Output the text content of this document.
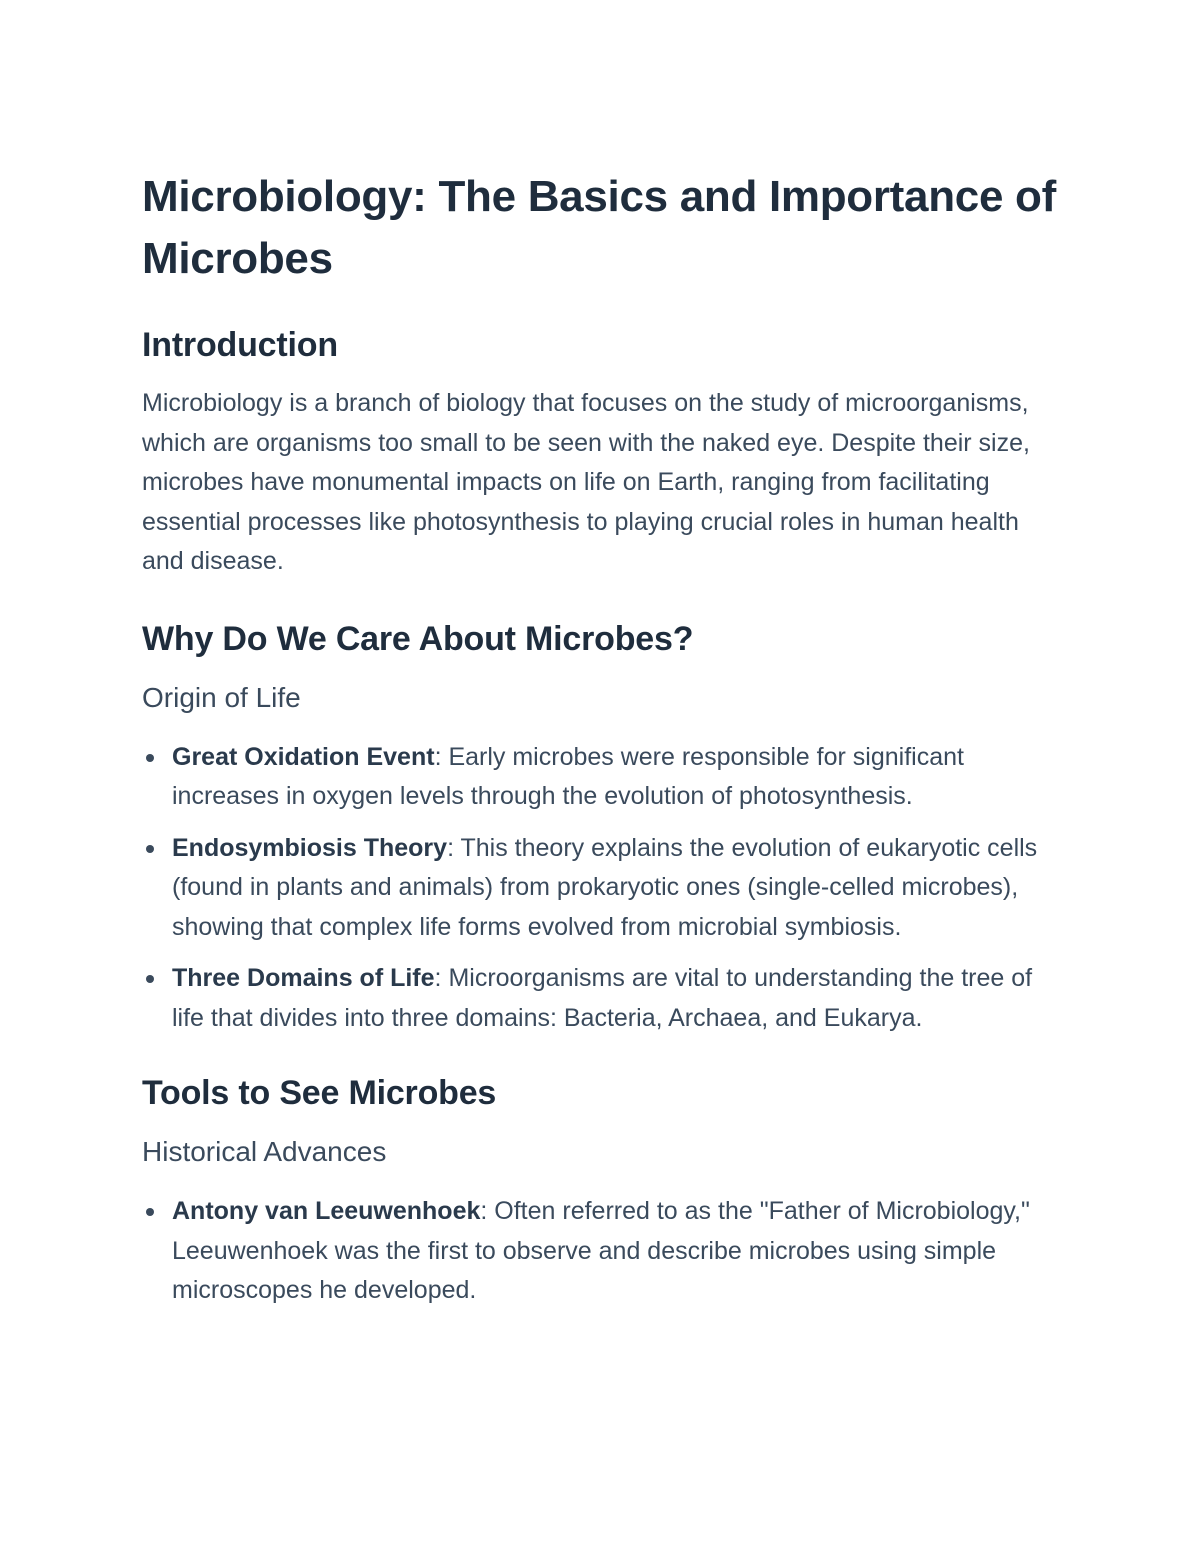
Microbiology: The Basics and Importance of Microbes
Introduction

Microbiology is a branch of biology that focuses on the study of microorganisms, which are organisms too small to be seen with the naked eye. Despite their size, microbes have monumental impacts on life on Earth, ranging from facilitating essential processes like photosynthesis to playing crucial roles in human health and disease.

Why Do We Care About Microbes?
Origin of Life
Great Oxidation Event: Early microbes were responsible for significant increases in oxygen levels through the evolution of photosynthesis.
Endosymbiosis Theory: This theory explains the evolution of eukaryotic cells (found in plants and animals) from prokaryotic ones (single-celled microbes), showing that complex life forms evolved from microbial symbiosis.
Three Domains of Life: Microorganisms are vital to understanding the tree of life that divides into three domains: Bacteria, Archaea, and Eukarya.
Tools to See Microbes
Historical Advances
Antony van Leeuwenhoek: Often referred to as the "Father of Microbiology," Leeuwenhoek was the first to observe and describe microbes using simple microscopes he developed.
